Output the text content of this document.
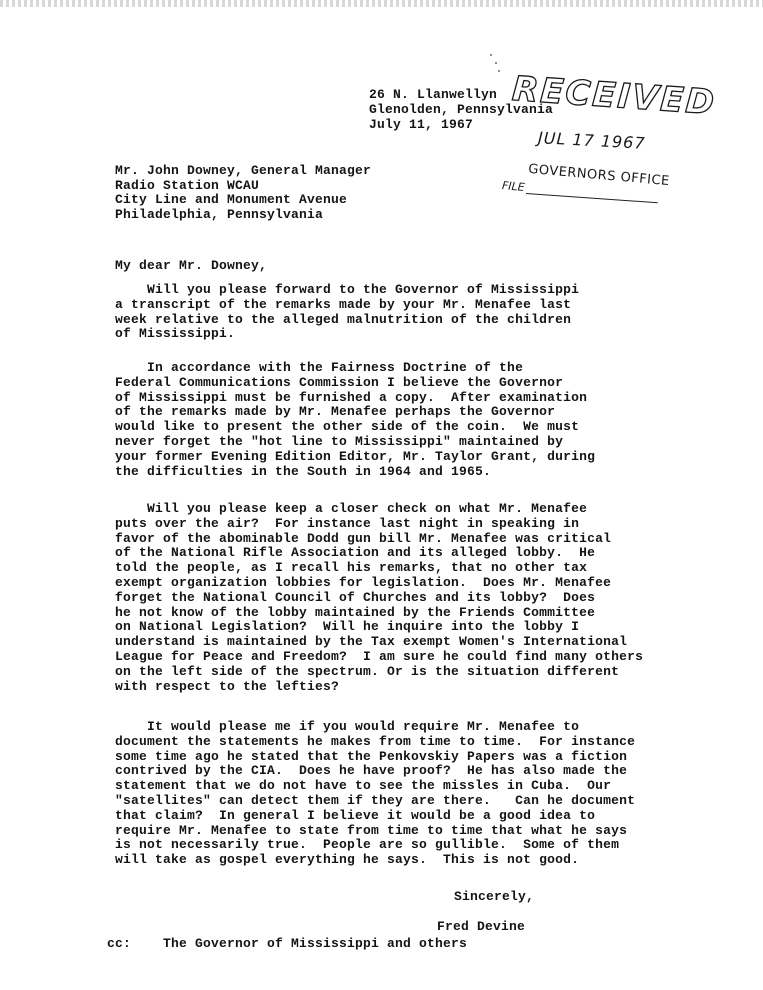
RECEIVED
JUL 17 1967
FILE GOVERNORS OFFICE
26 N. Llanwellyn
Glenolden, Pennsylvania
July 11, 1967
Mr. John Downey, General Manager
Radio Station WCAU
City Line and Monument Avenue
Philadelphia, Pennsylvania
My dear Mr. Downey,
Will you please forward to the Governor of Mississippi
a transcript of the remarks made by your Mr. Menafee last
week relative to the alleged malnutrition of the children
of Mississippi.
In accordance with the Fairness Doctrine of the
Federal Communications Commission I believe the Governor
of Mississippi must be furnished a copy.  After examination
of the remarks made by Mr. Menafee perhaps the Governor
would like to present the other side of the coin.  We must
never forget the "hot line to Mississippi" maintained by
your former Evening Edition Editor, Mr. Taylor Grant, during
the difficulties in the South in 1964 and 1965.
Will you please keep a closer check on what Mr. Menafee
puts over the air?  For instance last night in speaking in
favor of the abominable Dodd gun bill Mr. Menafee was critical
of the National Rifle Association and its alleged lobby.  He
told the people, as I recall his remarks, that no other tax
exempt organization lobbies for legislation.  Does Mr. Menafee
forget the National Council of Churches and its lobby?  Does
he not know of the lobby maintained by the Friends Committee
on National Legislation?  Will he inquire into the lobby I
understand is maintained by the Tax exempt Women's International
League for Peace and Freedom?  I am sure he could find many others
on the left side of the spectrum. Or is the situation different
with respect to the lefties?
It would please me if you would require Mr. Menafee to
document the statements he makes from time to time.  For instance
some time ago he stated that the Penkovskiy Papers was a fiction
contrived by the CIA.  Does he have proof?  He has also made the
statement that we do not have to see the missles in Cuba.  Our
"satellites" can detect them if they are there.   Can he document
that claim?  In general I believe it would be a good idea to
require Mr. Menafee to state from time to time that what he says
is not necessarily true.  People are so gullible.  Some of them
will take as gospel everything he says.  This is not good.
Sincerely,
Fred Devine
cc: The Governor of Mississippi and others
